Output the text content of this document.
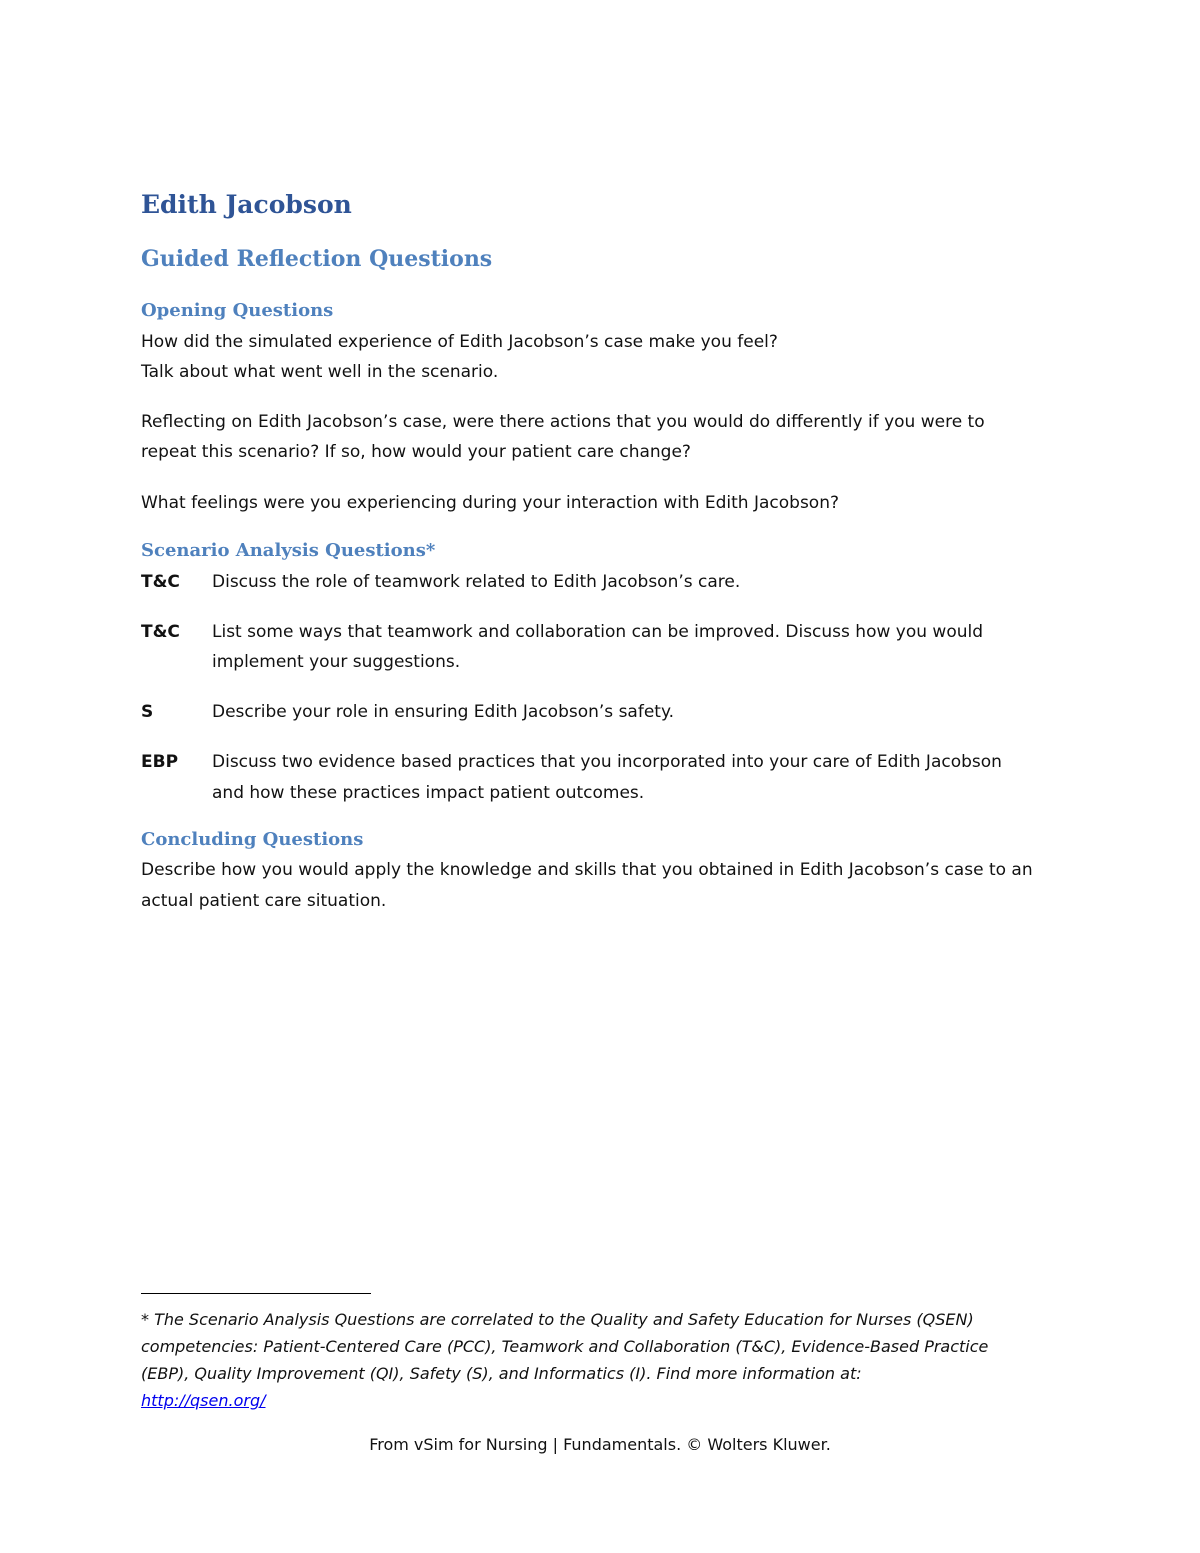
Edith Jacobson
Guided Reflection Questions
Opening Questions
How did the simulated experience of Edith Jacobson’s case make you feel?
Talk about what went well in the scenario.
Reflecting on Edith Jacobson’s case, were there actions that you would do differently if you were to
repeat this scenario? If so, how would your patient care change?
What feelings were you experiencing during your interaction with Edith Jacobson?
Scenario Analysis Questions*
T&C Discuss the role of teamwork related to Edith Jacobson’s care.
T&C List some ways that teamwork and collaboration can be improved. Discuss how you would
implement your suggestions.
S	Describe your role in ensuring Edith Jacobson’s safety.
EBP Discuss two evidence based practices that you incorporated into your care of Edith Jacobson
and how these practices impact patient outcomes.
Concluding Questions
Describe how you would apply the knowledge and skills that you obtained in Edith Jacobson’s case to an
actual patient care situation.
* The Scenario Analysis Questions are correlated to the Quality and Safety Education for Nurses (QSEN)
competencies: Patient-Centered Care (PCC), Teamwork and Collaboration (T&C), Evidence-Based Practice
(EBP), Quality Improvement (QI), Safety (S), and Informatics (I). Find more information at:
http://qsen.org/
From vSim for Nursing | Fundamentals. © Wolters Kluwer.
